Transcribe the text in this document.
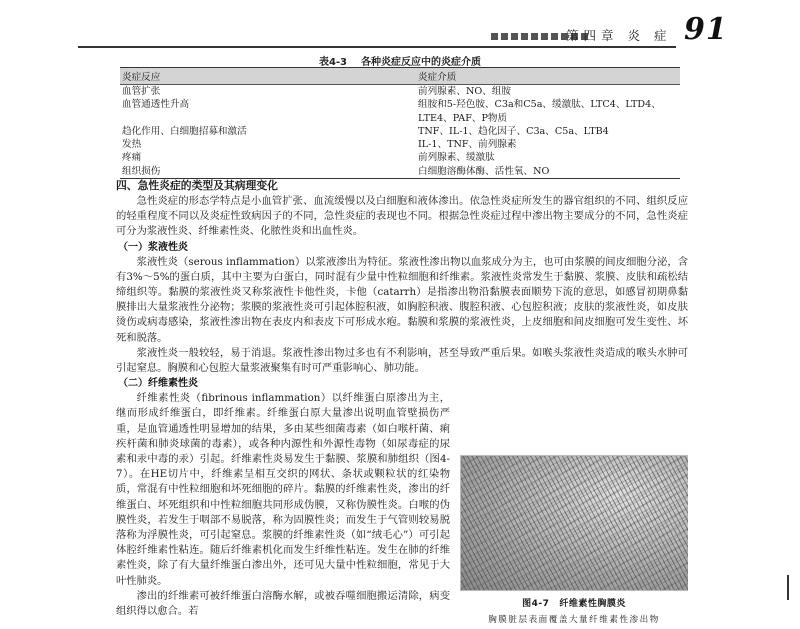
第四章 炎 症 91
表4-3 各种炎症反应中的炎症介质
炎症反应	炎症介质
血管扩张	前列腺素、NO、组胺
血管通透性升高	组胺和5-羟色胺、C3a和C5a、缓激肽、LTC4、LTD4、
LTE4、PAF、P物质

趋化作用、白细胞招募和激活	TNF、IL-1、趋化因子、C3a、C5a、LTB4
发热	IL-1、TNF、前列腺素
疼痛	前列腺素、缓激肽
组织损伤	白细胞溶酶体酶、活性氧、NO
四、急性炎症的类型及其病理变化

急性炎症的形态学特点是小血管扩张、血流缓慢以及白细胞和液体渗出。依急性炎症所发生的器官组织的不同、组织反应的轻重程度不同以及炎症性致病因子的不同，急性炎症的表现也不同。根据急性炎症过程中渗出物主要成分的不同，急性炎症可分为浆液性炎、纤维素性炎、化脓性炎和出血性炎。

（一）浆液性炎

浆液性炎（serous inflammation）以浆液渗出为特征。浆液性渗出物以血浆成分为主，也可由浆膜的间皮细胞分泌，含有3%～5%的蛋白质，其中主要为白蛋白，同时混有少量中性粒细胞和纤维素。浆液性炎常发生于黏膜、浆膜、皮肤和疏松结缔组织等。黏膜的浆液性炎又称浆液性卡他性炎，卡他（catarrh）是指渗出物沿黏膜表面顺势下流的意思，如感冒初期鼻黏膜排出大量浆液性分泌物；浆膜的浆液性炎可引起体腔积液，如胸腔积液、腹腔积液、心包腔积液；皮肤的浆液性炎，如皮肤烫伤或病毒感染，浆液性渗出物在表皮内和表皮下可形成水疱。黏膜和浆膜的浆液性炎，上皮细胞和间皮细胞可发生变性、坏死和脱落。

浆液性炎一般较轻，易于消退。浆液性渗出物过多也有不利影响，甚至导致严重后果。如喉头浆液性炎造成的喉头水肿可引起窒息。胸膜和心包腔大量浆液聚集有时可严重影响心、肺功能。

（二）纤维素性炎
图4-7 纤维素性胸膜炎
胸膜脏层表面覆盖大量纤维素性渗出物

纤维素性炎（fibrinous inflammation）以纤维蛋白原渗出为主，继而形成纤维蛋白，即纤维素。纤维蛋白原大量渗出说明血管壁损伤严重，是血管通透性明显增加的结果，多由某些细菌毒素（如白喉杆菌、痢疾杆菌和肺炎球菌的毒素），或各种内源性和外源性毒物（如尿毒症的尿素和汞中毒的汞）引起。纤维素性炎易发生于黏膜、浆膜和肺组织（图4-7）。在HE切片中，纤维素呈相互交织的网状、条状或颗粒状的红染物质，常混有中性粒细胞和坏死细胞的碎片。黏膜的纤维素性炎，渗出的纤维蛋白、坏死组织和中性粒细胞共同形成伪膜，又称伪膜性炎。白喉的伪膜性炎，若发生于咽部不易脱落，称为固膜性炎；而发生于气管则较易脱落称为浮膜性炎，可引起窒息。浆膜的纤维素性炎（如“绒毛心”）可引起体腔纤维素性粘连。随后纤维素机化而发生纤维性粘连。发生在肺的纤维素性炎，除了有大量纤维蛋白渗出外，还可见大量中性粒细胞，常见于大叶性肺炎。

渗出的纤维素可被纤维蛋白溶酶水解，或被吞噬细胞搬运清除，病变组织得以愈合。若
